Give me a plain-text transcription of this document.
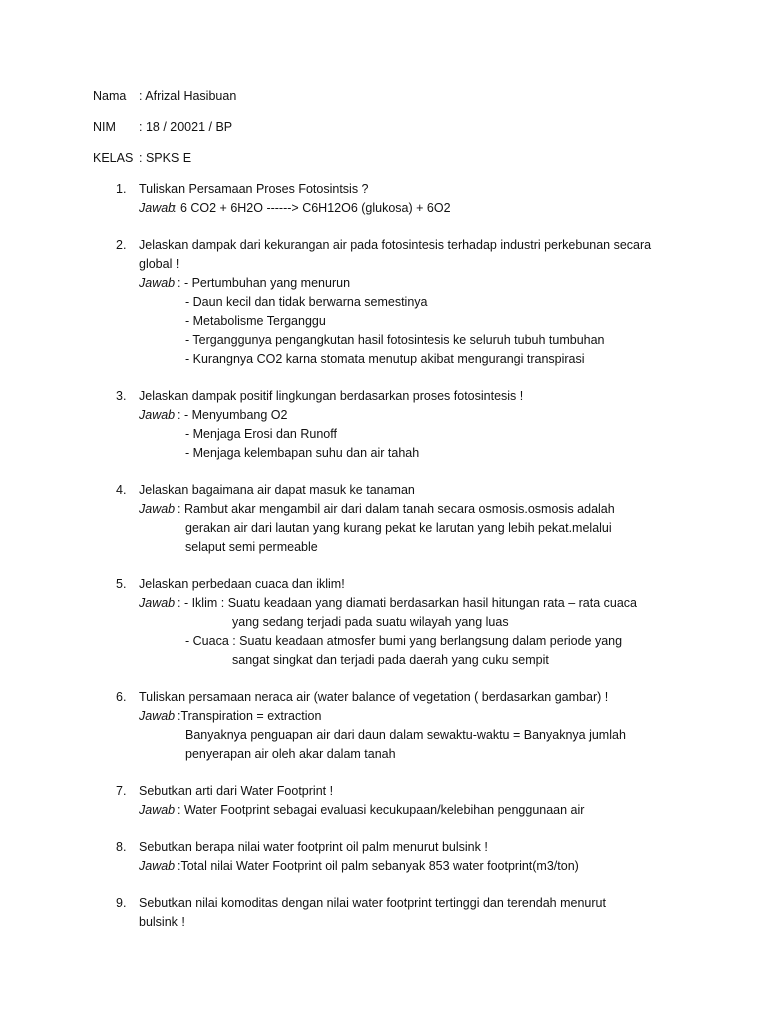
Nama : Afrizal Hasibuan
NIM : 18 / 20021 / BP
KELAS : SPKS E
1. Tuliskan Persamaan Proses Fotosintsis ?
Jawab
: 6 CO2 + 6H2O ------> C6H12O6 (glukosa) + 6O2
2. Jelaskan dampak dari kekurangan air pada fotosintesis terhadap industri perkebunan secara
global !
Jawab : - Pertumbuhan yang menurun
- Daun kecil dan tidak berwarna semestinya
- Metabolisme Terganggu
- Terganggunya pengangkutan hasil fotosintesis ke seluruh tubuh tumbuhan
- Kurangnya CO2 karna stomata menutup akibat mengurangi transpirasi
3. Jelaskan dampak positif lingkungan berdasarkan proses fotosintesis !
Jawab : - Menyumbang O2
- Menjaga Erosi dan Runoff
- Menjaga kelembapan suhu dan air tahah
4. Jelaskan bagaimana air dapat masuk ke tanaman
Jawab : Rambut akar mengambil air dari dalam tanah secara osmosis.osmosis adalah
gerakan air dari lautan yang kurang pekat ke larutan yang lebih pekat.melalui
selaput semi permeable
5. Jelaskan perbedaan cuaca dan iklim!
Jawab : - Iklim : Suatu keadaan yang diamati berdasarkan hasil hitungan rata – rata cuaca
yang sedang terjadi pada suatu wilayah yang luas
- Cuaca : Suatu keadaan atmosfer bumi yang berlangsung dalam periode yang
sangat singkat dan terjadi pada daerah yang cuku sempit
6. Tuliskan persamaan neraca air (water balance of vegetation ( berdasarkan gambar) !
Jawab :Transpiration = extraction
Banyaknya penguapan air dari daun dalam sewaktu-waktu = Banyaknya jumlah
penyerapan air oleh akar dalam tanah
7. Sebutkan arti dari Water Footprint !
Jawab : Water Footprint sebagai evaluasi kecukupaan/kelebihan penggunaan air
8. Sebutkan berapa nilai water footprint oil palm menurut bulsink !
Jawab :Total nilai Water Footprint oil palm sebanyak 853 water footprint(m3/ton)
9. Sebutkan nilai komoditas dengan nilai water footprint tertinggi dan terendah menurut
bulsink !
